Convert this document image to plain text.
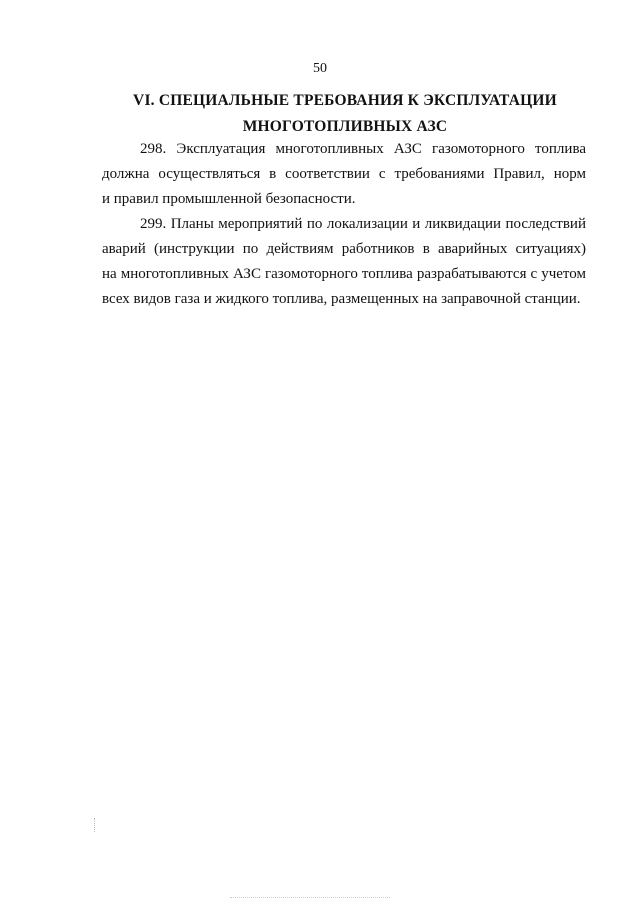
50
VI. СПЕЦИАЛЬНЫЕ ТРЕБОВАНИЯ К ЭКСПЛУАТАЦИИ
МНОГОТОПЛИВНЫХ АЗС
298. Эксплуатация многотопливных АЗС газомоторного топлива
должна осуществляться в соответствии с требованиями Правил, норм
и правил промышленной безопасности.
299. Планы мероприятий по локализации и ликвидации последствий
аварий (инструкции по действиям работников в аварийных ситуациях)
на многотопливных АЗС газомоторного топлива разрабатываются с учетом
всех видов газа и жидкого топлива, размещенных на заправочной станции.
